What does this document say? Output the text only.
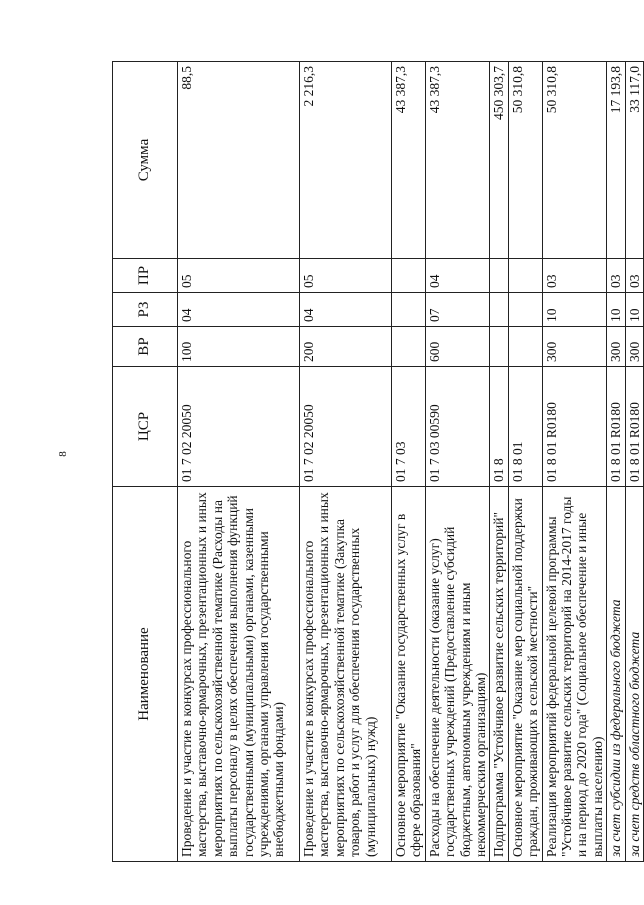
8
Наименование	ЦСР	ВР	РЗ	ПР	Сумма
Проведение и участие в конкурсах профессионального мастерства, выставочно-ярмарочных, презентационных и иных мероприятиях по сельскохозяйственной тематике (Расходы на выплаты персоналу в целях обеспечения выполнения функций государственными (муниципальными) органами, казенными учреждениями, органами управления государственными внебюджетными фондами)	01 7 02 20050	100	04	05	88,5
Проведение и участие в конкурсах профессионального мастерства, выставочно-ярмарочных, презентационных и иных мероприятиях по сельскохозяйственной тематике (Закупка товаров, работ и услуг для обеспечения государственных (муниципальных) нужд)	01 7 02 20050	200	04	05	2 216,3
Основное мероприятие "Оказание государственных услуг в сфере образования"	01 7 03				43 387,3
Расходы на обеспечение деятельности (оказание услуг) государственных учреждений (Предоставление субсидий бюджетным, автономным учреждениям и иным некоммерческим организациям)	01 7 03 00590	600	07	04	43 387,3
Подпрограмма "Устойчивое развитие сельских территорий"	01 8				450 303,7
Основное мероприятие "Оказание мер социальной поддержки граждан, проживающих в сельской местности"	01 8 01				50 310,8
Реализация мероприятий федеральной целевой программы "Устойчивое развитие сельских территорий на 2014-2017 годы и на период до 2020 года" (Социальное обеспечение и иные выплаты населению)	01 8 01 R0180	300	10	03	50 310,8
за счет субсидии из федерального бюджета	01 8 01 R0180	300	10	03	17 193,8
за счет средств областного бюджета	01 8 01 R0180	300	10	03	33 117,0
